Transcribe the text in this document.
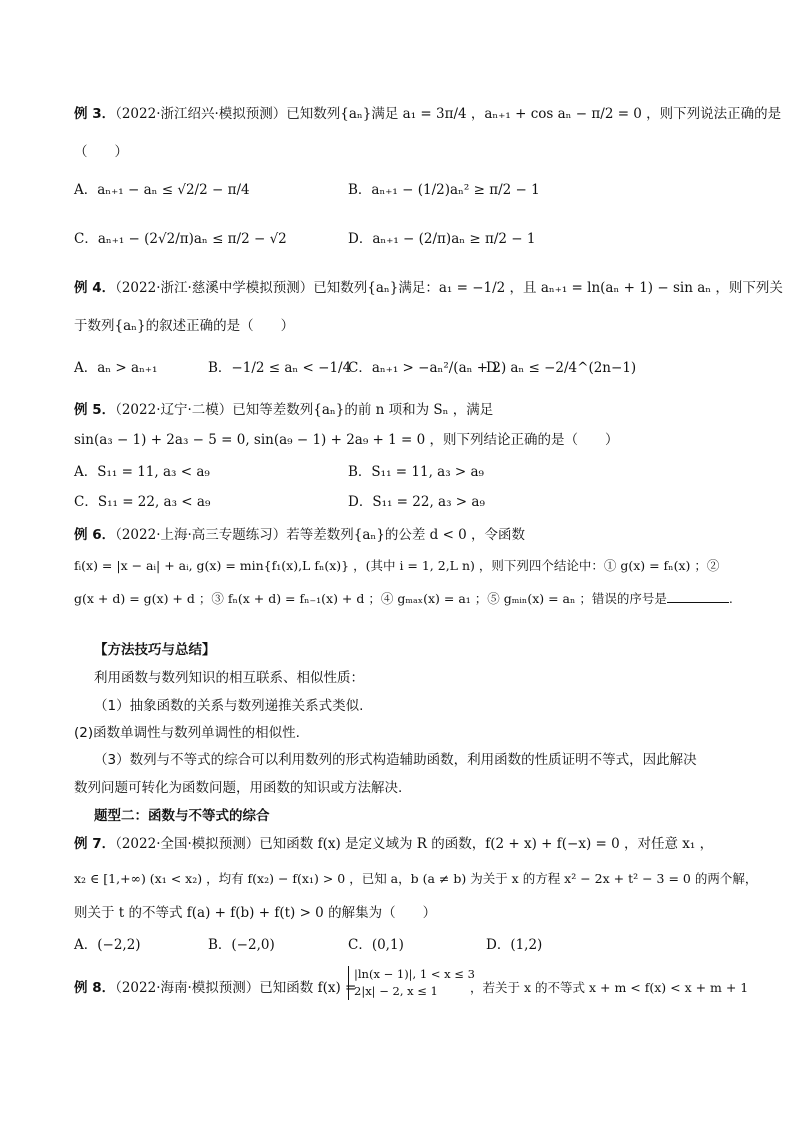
例 3．（2022·浙江绍兴·模拟预测）已知数列{aₙ}满足 a₁ = 3π/4 ，aₙ₊₁ + cos aₙ − π/2 = 0 ，则下列说法正确的是
（　　）
A．aₙ₊₁ − aₙ ≤ √2/2 − π/4	B．aₙ₊₁ − (1/2)aₙ² ≥ π/2 − 1
C．aₙ₊₁ − (2√2/π)aₙ ≤ π/2 − √2	D．aₙ₊₁ − (2/π)aₙ ≥ π/2 − 1
例 4．（2022·浙江·慈溪中学模拟预测）已知数列{aₙ}满足：a₁ = −1/2 ，且 aₙ₊₁ = ln(aₙ + 1) − sin aₙ ，则下列关
于数列{aₙ}的叙述正确的是（　　）
A．aₙ > aₙ₊₁	B．−1/2 ≤ aₙ < −1/4
C．aₙ₊₁ > −aₙ²/(aₙ + 2)
D．aₙ ≤ −2/4^(2n−1)
例 5．（2022·辽宁·二模）已知等差数列{aₙ}的前 n 项和为 Sₙ ，满足
sin(a₃ − 1) + 2a₃ − 5 = 0, sin(a₉ − 1) + 2a₉ + 1 = 0 ，则下列结论正确的是（　　）
A．S₁₁ = 11, a₃ < a₉	B．S₁₁ = 11, a₃ > a₉
C．S₁₁ = 22, a₃ < a₉	D．S₁₁ = 22, a₃ > a₉
例 6．（2022·上海·高三专题练习）若等差数列{aₙ}的公差 d < 0 ，令函数
fᵢ(x) = |x − aᵢ| + aᵢ, g(x) = min{f₁(x),L fₙ(x)} ，(其中 i = 1, 2,L n) ，则下列四个结论中：① g(x) = fₙ(x) ；②
g(x + d) = g(x) + d ；③ fₙ(x + d) = fₙ₋₁(x) + d ；④ gₘₐₓ(x) = a₁ ；⑤ gₘᵢₙ(x) = aₙ ；错误的序号是	.
【方法技巧与总结】
利用函数与数列知识的相互联系、相似性质：
（1）抽象函数的关系与数列递推关系式类似.
(2)函数单调性与数列单调性的相似性.
（3）数列与不等式的综合可以利用数列的形式构造辅助函数，利用函数的性质证明不等式，因此解决
数列问题可转化为函数问题，用函数的知识或方法解决.
题型二：函数与不等式的综合
例 7．（2022·全国·模拟预测）已知函数 f(x) 是定义域为 R 的函数，f(2 + x) + f(−x) = 0 ，对任意 x₁ ，
x₂ ∈ [1,+∞) (x₁ < x₂) ，均有 f(x₂) − f(x₁) > 0 ，已知 a，b (a ≠ b) 为关于 x 的方程 x² − 2x + t² − 3 = 0 的两个解，
则关于 t 的不等式 f(a) + f(b) + f(t) > 0 的解集为（　　）
A．(−2,2)	B．(−2,0)	C．(0,1)	D．(1,2)
例 8．（2022·海南·模拟预测）已知函数 f(x) =
|ln(x − 1)|, 1 < x ≤ 3
2|x| − 2, x ≤ 1	，若关于 x 的不等式 x + m < f(x) < x + m + 1
